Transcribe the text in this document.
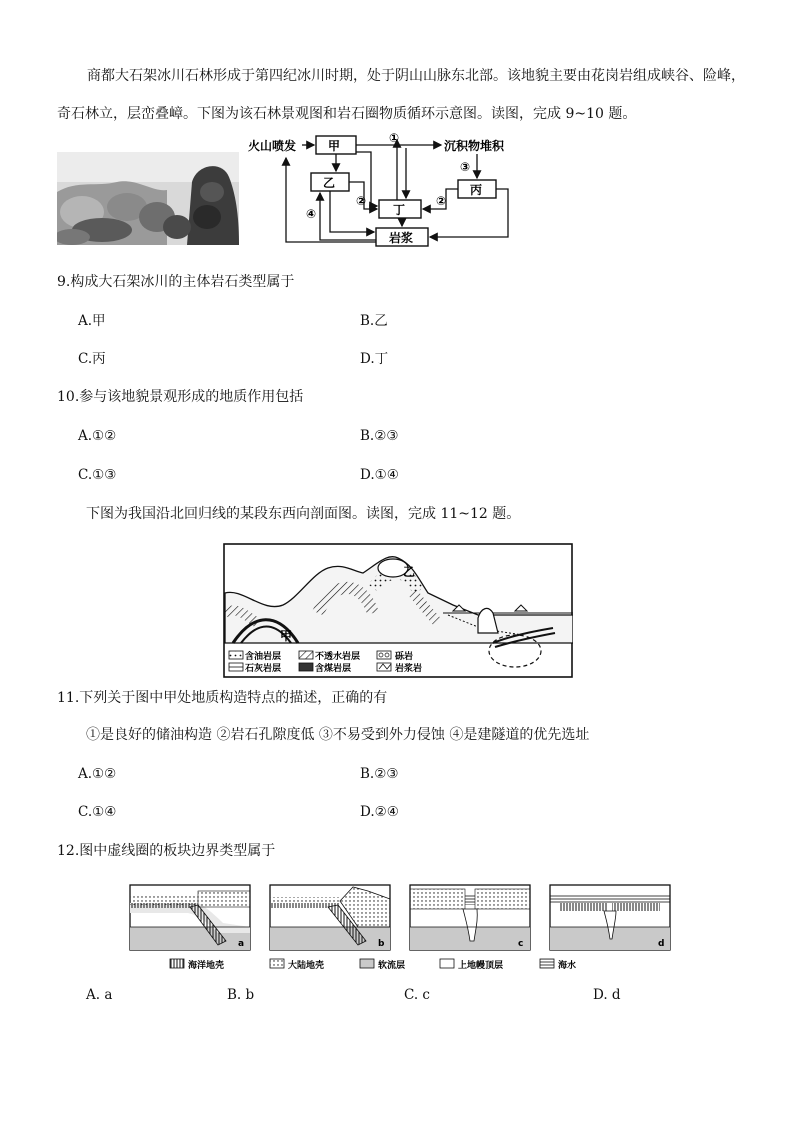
商都大石架冰川石林形成于第四纪冰川时期，处于阴山山脉东北部。该地貌主要由花岗岩组成峡谷、险峰，
奇石林立，层峦叠嶂。下图为该石林景观图和岩石圈物质循环示意图。读图，完成 9~10 题。
火山喷发	沉积物堆积
甲
乙	丙
丁
岩浆
①
②	②
③
④
9.构成大石架冰川的主体岩石类型属于
A.甲	B.乙
C.丙	D.丁
10.参与该地貌景观形成的地质作用包括
A.①②	B.②③
C.①③	D.①④
下图为我国沿北回归线的某段东西向剖面图。读图，完成 11~12 题。
乙
甲
含油岩层	不透水岩层	砾岩
石灰岩层	含煤岩层	岩浆岩
11.下列关于图中甲处地质构造特点的描述，正确的有
①是良好的储油构造 ②岩石孔隙度低 ③不易受到外力侵蚀 ④是建隧道的优先选址
A.①②	B.②③
C.①④	D.②④
12.图中虚线圈的板块边界类型属于
a	b	c	d
海洋地壳	大陆地壳	软流层	上地幔顶层	海水
A. a	B. b	C. c	D. d
